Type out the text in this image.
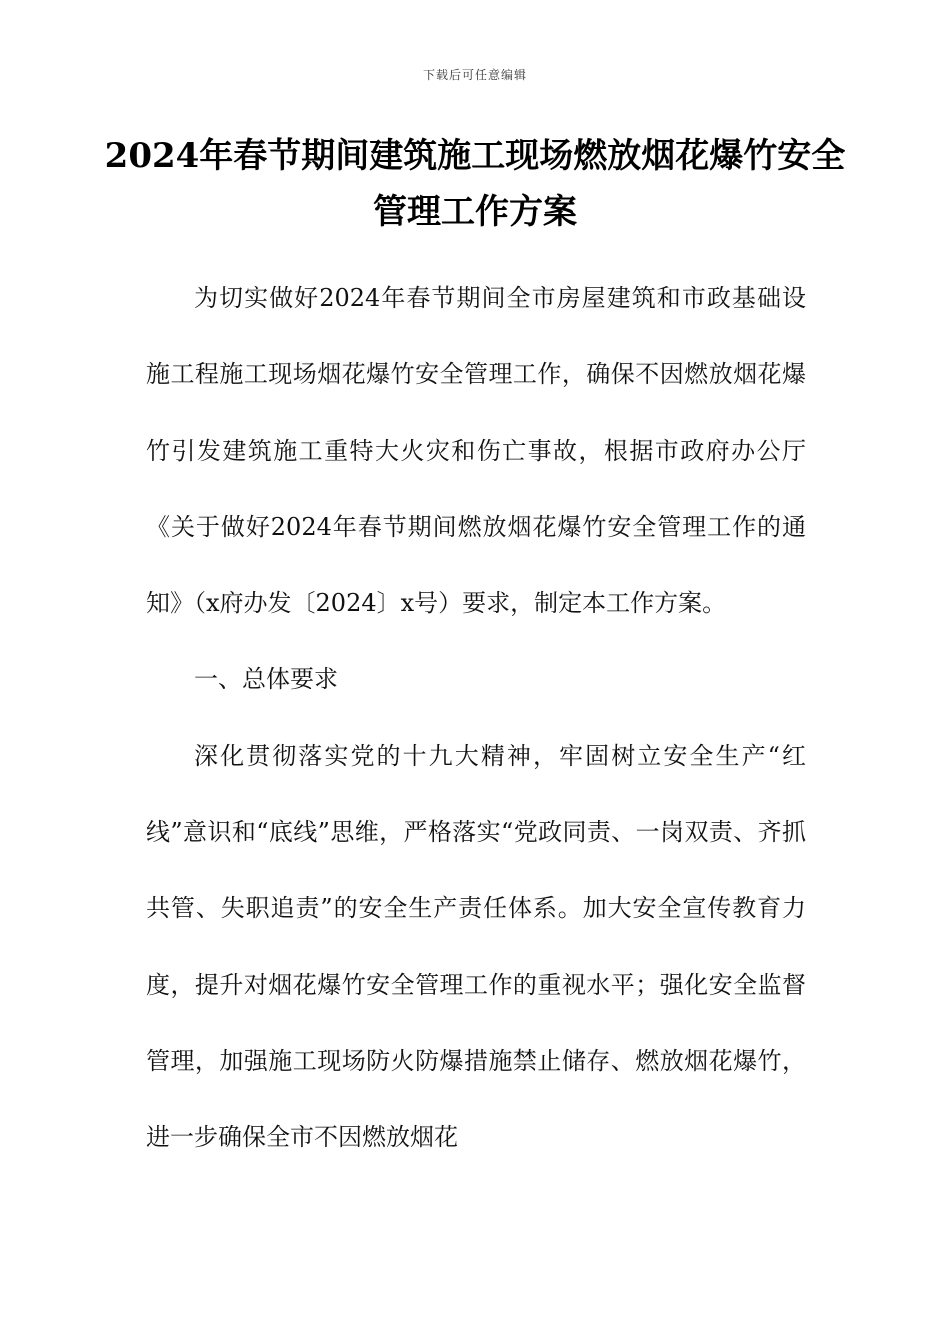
下载后可任意编辑
2024年春节期间建筑施工现场燃放烟花爆竹安全管理工作方案

为切实做好2024年春节期间全市房屋建筑和市政基础设施工程施工现场烟花爆竹安全管理工作，确保不因燃放烟花爆竹引发建筑施工重特大火灾和伤亡事故，根据市政府办公厅《关于做好2024年春节期间燃放烟花爆竹安全管理工作的通知》（x府办发〔2024〕x号）要求，制定本工作方案。

一、总体要求

深化贯彻落实党的十九大精神，牢固树立安全生产“红线”意识和“底线”思维，严格落实“党政同责、一岗双责、齐抓共管、失职追责”的安全生产责任体系。加大安全宣传教育力度，提升对烟花爆竹安全管理工作的重视水平；强化安全监督管理，加强施工现场防火防爆措施禁止储存、燃放烟花爆竹，进一步确保全市不因燃放烟花
